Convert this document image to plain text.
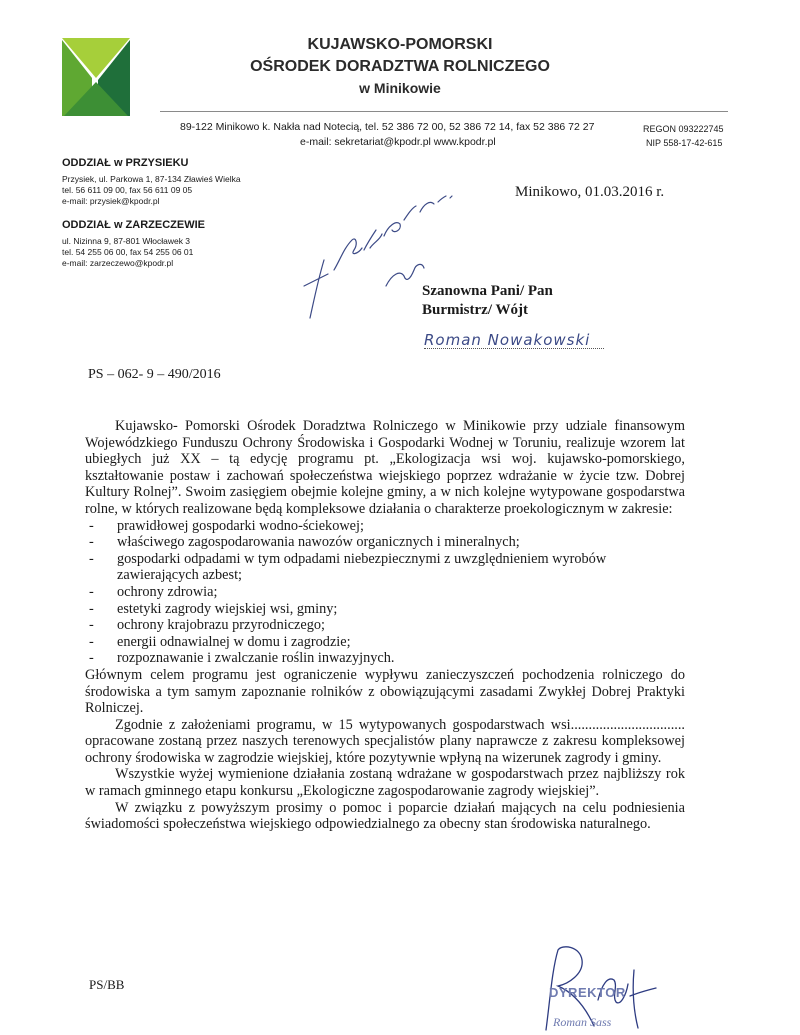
KUJAWSKO-POMORSKI
OŚRODEK DORADZTWA ROLNICZEGO
w Minikowie
89-122 Minikowo k. Nakła nad Notecią, tel. 52 386 72 00, 52 386 72 14, fax 52 386 72 27	REGON 093222745
e-mail: sekretariat@kpodr.pl www.kpodr.pl	NIP 558-17-42-615
ODDZIAŁ w PRZYSIEKU
Przysiek, ul. Parkowa 1, 87-134 Zławieś Wielka
tel. 56 611 09 00, fax 56 611 09 05
e-mail: przysiek@kpodr.pl
ODDZIAŁ w ZARZECZEWIE
ul. Nizinna 9, 87-801 Włocławek 3
tel. 54 255 06 00, fax 54 255 06 01
e-mail: zarzeczewo@kpodr.pl
Minikowo, 01.03.2016 r.
Szanowna Pani/ Pan
Burmistrz/ Wójt
Roman Nowakowski
PS – 062- 9 – 490/2016

Kujawsko- Pomorski Ośrodek Doradztwa Rolniczego w Minikowie przy udziale finansowym Wojewódzkiego Funduszu Ochrony Środowiska i Gospodarki Wodnej w Toruniu, realizuje wzorem lat ubiegłych już XX – tą edycję programu pt. „Ekologizacja wsi woj. kujawsko-pomorskiego, kształtowanie postaw i zachowań społeczeństwa wiejskiego poprzez wdrażanie w życie tzw. Dobrej Kultury Rolnej”. Swoim zasięgiem obejmie kolejne gminy, a w nich kolejne wytypowane gospodarstwa rolne, w których realizowane będą kompleksowe działania o charakterze proekologicznym w zakresie:

- prawidłowej gospodarki wodno-ściekowej;
- właściwego zagospodarowania nawozów organicznych i mineralnych;
- gospodarki odpadami w tym odpadami niebezpiecznymi z uwzględnieniem wyrobów zawierających azbest;
- ochrony zdrowia;
- estetyki zagrody wiejskiej wsi, gminy;
- ochrony krajobrazu przyrodniczego;
- energii odnawialnej w domu i zagrodzie;
- rozpoznawanie i zwalczanie roślin inwazyjnych.

Głównym celem programu jest ograniczenie wypływu zanieczyszczeń pochodzenia rolniczego do środowiska a tym samym zapoznanie rolników z obowiązującymi zasadami Zwykłej Dobrej Praktyki Rolniczej.

Zgodnie z założeniami programu, w 15 wytypowanych gospodarstwach wsi................................ opracowane zostaną przez naszych terenowych specjalistów plany naprawcze z zakresu kompleksowej ochrony środowiska w zagrodzie wiejskiej, które pozytywnie wpłyną na wizerunek zagrody i gminy.

Wszystkie wyżej wymienione działania zostaną wdrażane w gospodarstwach przez najbliższy rok w ramach gminnego etapu konkursu „Ekologiczne zagospodarowanie zagrody wiejskiej”.

W związku z powyższym prosimy o pomoc i poparcie działań mających na celu podniesienia świadomości społeczeństwa wiejskiego odpowiedzialnego za obecny stan środowiska naturalnego.

PS/BB
DYREKTOR
Roman Sass
